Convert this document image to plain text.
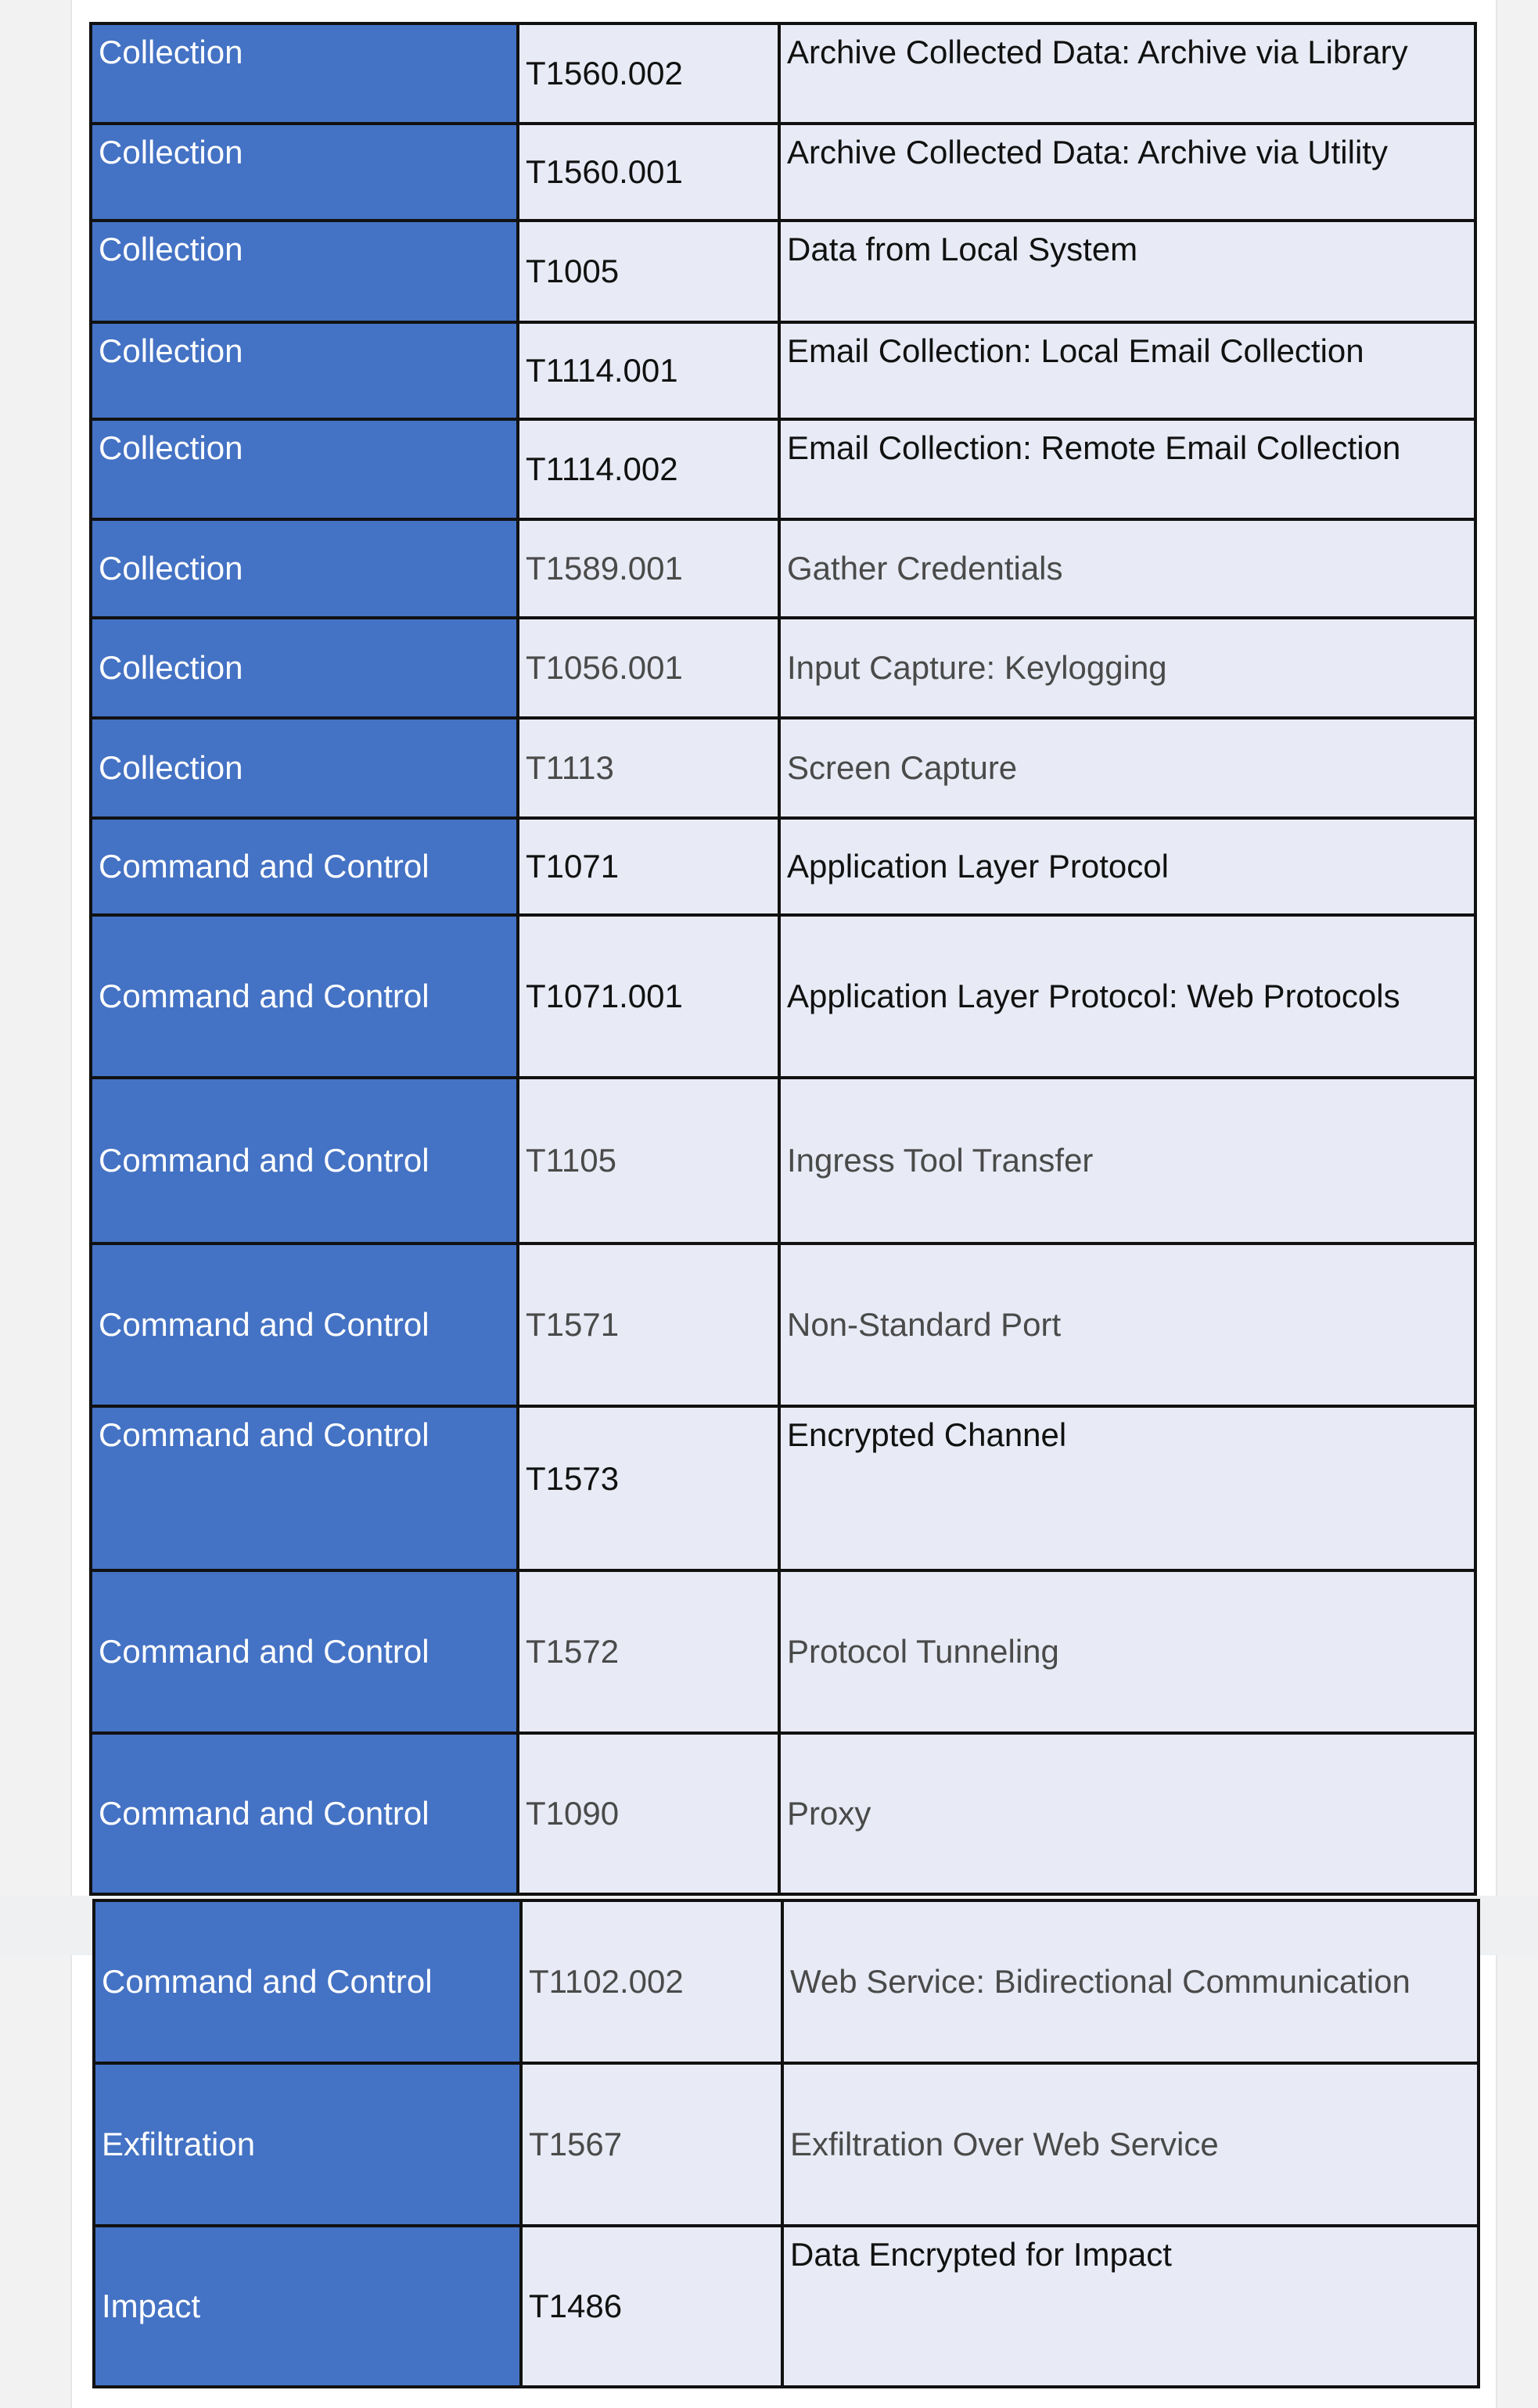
Collection	T1560.002	Archive Collected Data: Archive via Library
Collection	T1560.001	Archive Collected Data: Archive via Utility
Collection	T1005	Data from Local System
Collection	T1114.001	Email Collection: Local Email Collection
Collection	T1114.002	Email Collection: Remote Email Collection
Collection	T1589.001	Gather Credentials
Collection	T1056.001	Input Capture: Keylogging
Collection	T1113	Screen Capture
Command and Control	T1071	Application Layer Protocol
Command and Control	T1071.001	Application Layer Protocol: Web Protocols
Command and Control	T1105	Ingress Tool Transfer
Command and Control	T1571	Non-Standard Port
Command and Control	T1573	Encrypted Channel
Command and Control	T1572	Protocol Tunneling
Command and Control	T1090	Proxy
Command and Control	T1102.002	Web Service: Bidirectional Communication
Exfiltration	T1567	Exfiltration Over Web Service
Impact	T1486	Data Encrypted for Impact
